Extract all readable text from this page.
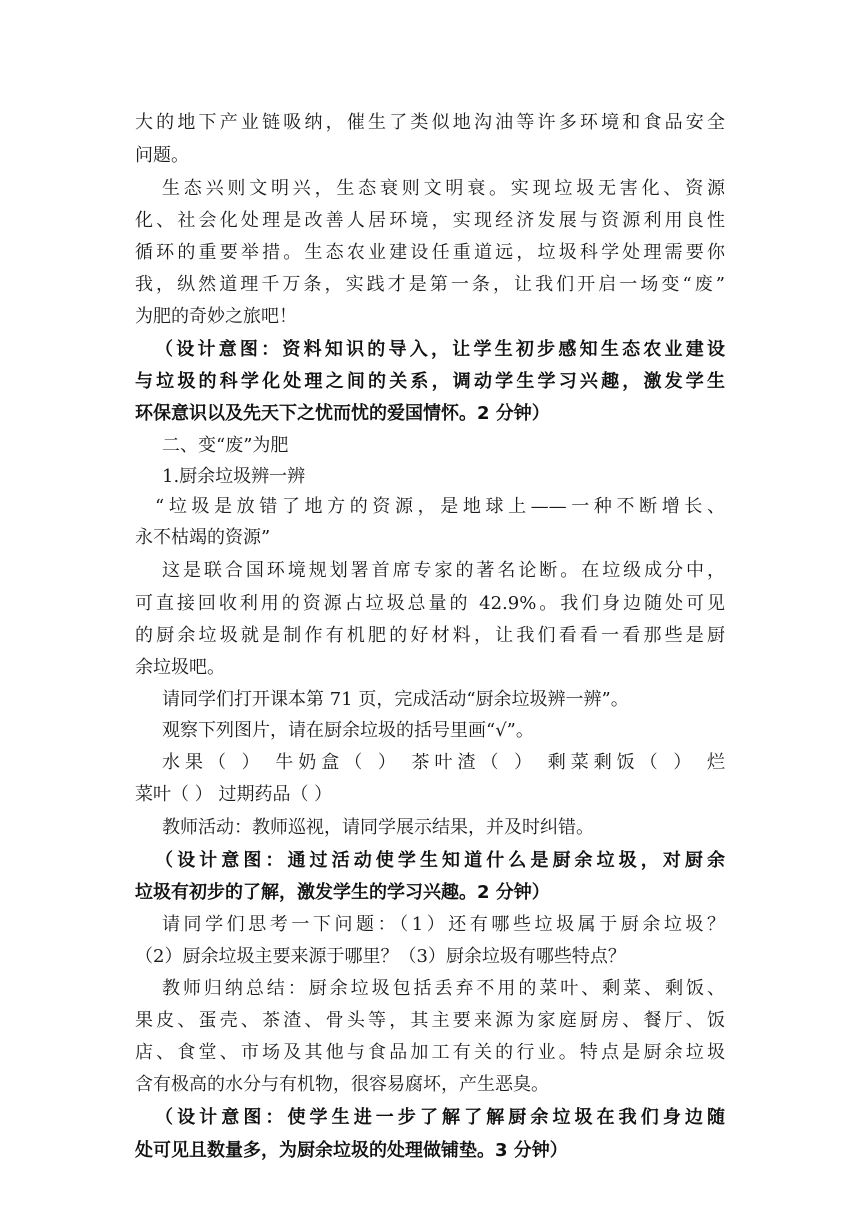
大的地下产业链吸纳，催生了类似地沟油等许多环境和食品安全
问题。
生态兴则文明兴，生态衰则文明衰。实现垃圾无害化、资源
化、社会化处理是改善人居环境，实现经济发展与资源利用良性
循环的重要举措。生态农业建设任重道远，垃圾科学处理需要你
我，纵然道理千万条，实践才是第一条，让我们开启一场变“废”
为肥的奇妙之旅吧！
（设计意图：资料知识的导入，让学生初步感知生态农业建设
与垃圾的科学化处理之间的关系，调动学生学习兴趣，激发学生
环保意识以及先天下之忧而忧的爱国情怀。2 分钟）
二、变“废”为肥
1.厨余垃圾辨一辨
“垃圾是放错了地方的资源，是地球上——一种不断增长、
永不枯竭的资源”
这是联合国环境规划署首席专家的著名论断。在垃级成分中，
可直接回收利用的资源占垃圾总量的 42.9%。我们身边随处可见
的厨余垃圾就是制作有机肥的好材料，让我们看看一看那些是厨
余垃圾吧。
请同学们打开课本第 71 页，完成活动“厨余垃圾辨一辨”。
观察下列图片，请在厨余垃圾的括号里画“√”。
水果（ ） 牛奶盒（ ） 茶叶渣（ ） 剩菜剩饭（ ） 烂
菜叶（ ） 过期药品（ ）
教师活动：教师巡视，请同学展示结果，并及时纠错。
（设计意图：通过活动使学生知道什么是厨余垃圾，对厨余
垃圾有初步的了解，激发学生的学习兴趣。2 分钟）
请同学们思考一下问题：（1）还有哪些垃圾属于厨余垃圾？
（2）厨余垃圾主要来源于哪里？（3）厨余垃圾有哪些特点？
教师归纳总结：厨余垃圾包括丢弃不用的菜叶、剩菜、剩饭、
果皮、蛋壳、茶渣、骨头等，其主要来源为家庭厨房、餐厅、饭
店、食堂、市场及其他与食品加工有关的行业。特点是厨余垃圾
含有极高的水分与有机物，很容易腐坏，产生恶臭。
（设计意图：使学生进一步了解了解厨余垃圾在我们身边随
处可见且数量多，为厨余垃圾的处理做铺垫。3 分钟）
